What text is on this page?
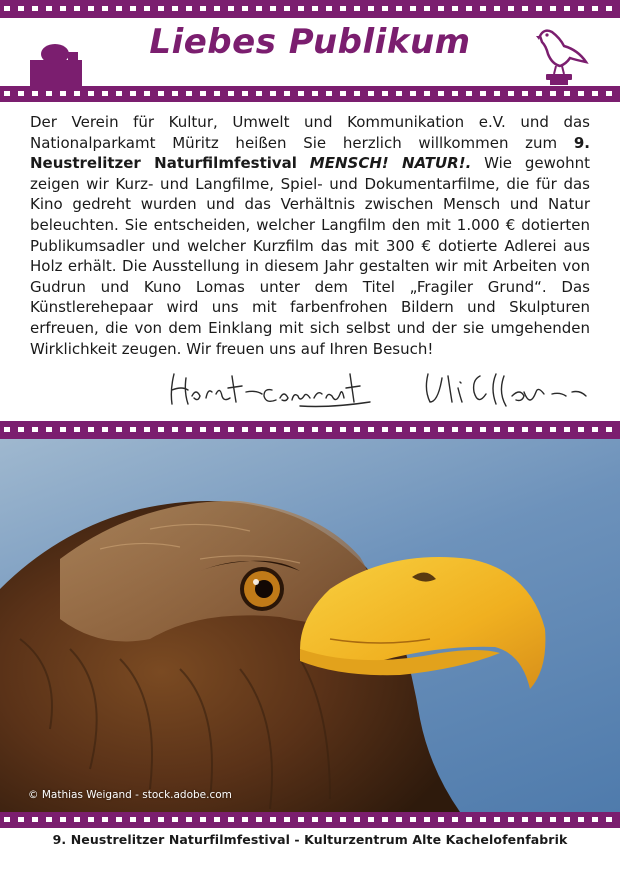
Liebes Publikum
Der Verein für Kultur, Umwelt und Kommunikation e.V. und das Nationalparkamt Müritz heißen Sie herzlich willkommen zum 9. Neustrelitzer Naturfilmfestival MENSCH! NATUR!. Wie gewohnt zeigen wir Kurz- und Langfilme, Spiel- und Dokumentarfilme, die für das Kino gedreht wurden und das Verhältnis zwischen Mensch und Natur beleuchten. Sie entscheiden, welcher Langfilm den mit 1.000 € dotierten Publikumsadler und welcher Kurzfilm das mit 300 € dotierte Adlerei aus Holz erhält. Die Ausstellung in diesem Jahr gestalten wir mit Arbeiten von Gudrun und Kuno Lomas unter dem Titel „Fragiler Grund“. Das Künstlerehepaar wird uns mit farbenfrohen Bildern und Skulpturen erfreuen, die von dem Einklang mit sich selbst und der sie umgehenden Wirklichkeit zeugen. Wir freuen uns auf Ihren Besuch!
© Mathias Weigand - stock.adobe.com
9. Neustrelitzer Naturfilmfestival - Kulturzentrum Alte Kachelofenfabrik
